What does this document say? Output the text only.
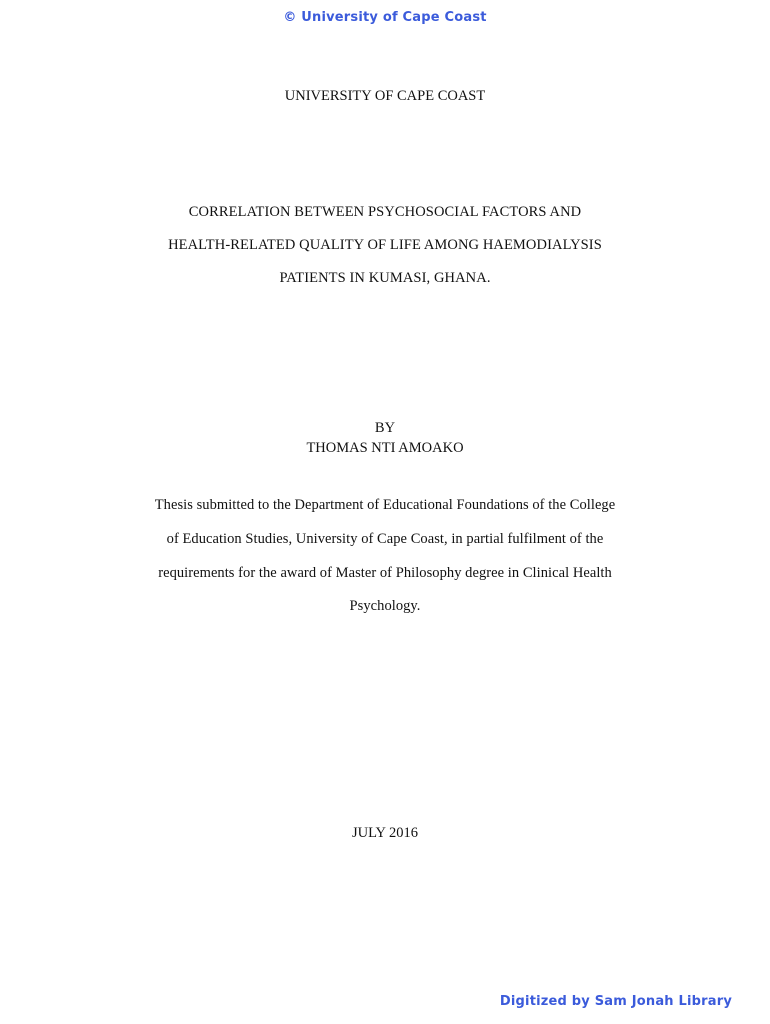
© University of Cape Coast
UNIVERSITY OF CAPE COAST
CORRELATION BETWEEN PSYCHOSOCIAL FACTORS AND
HEALTH-RELATED QUALITY OF LIFE AMONG HAEMODIALYSIS
PATIENTS IN KUMASI, GHANA.
BY
THOMAS NTI AMOAKO
Thesis submitted to the Department of Educational Foundations of the College
of Education Studies, University of Cape Coast, in partial fulfilment of the
requirements for the award of Master of Philosophy degree in Clinical Health
Psychology.
JULY 2016
Digitized by Sam Jonah Library
